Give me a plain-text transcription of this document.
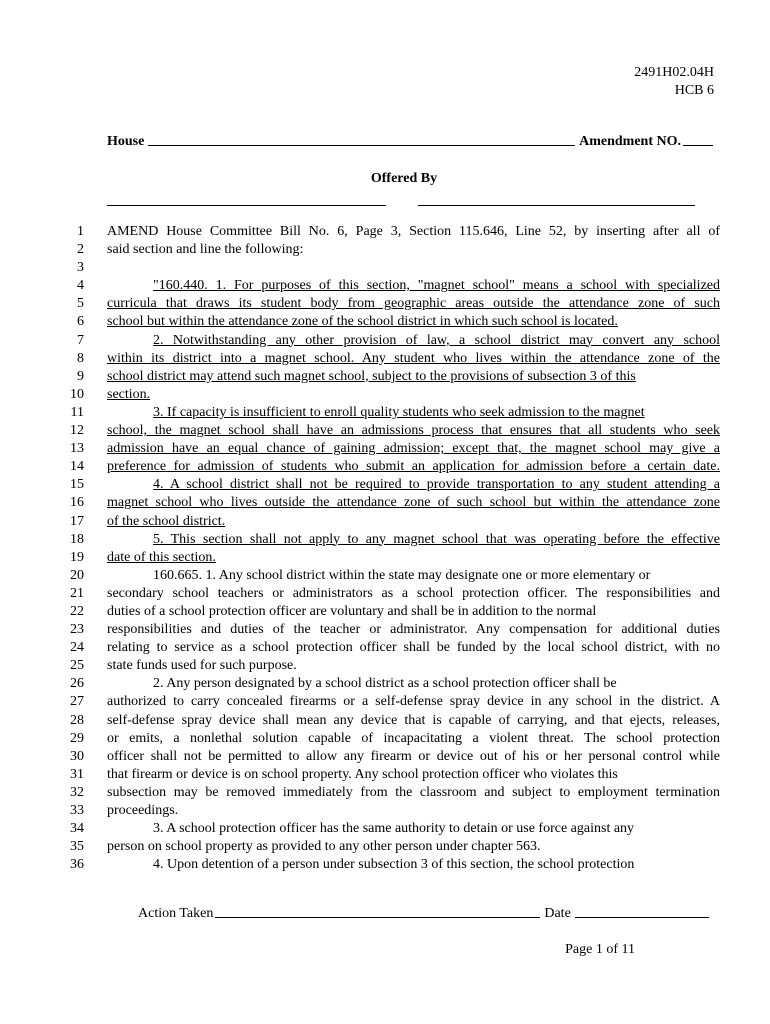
2491H02.04H
HCB 6
House	Amendment NO.
Offered By
1 AMEND House Committee Bill No. 6, Page 3, Section 115.646, Line 52, by inserting after all of
2 said section and line the following:
3
4	"160.440. 1. For purposes of this section, "magnet school" means a school with specialized
5 curricula that draws its student body from geographic areas outside the attendance zone of such
6 school but within the attendance zone of the school district in which such school is located.
7	2. Notwithstanding any other provision of law, a school district may convert any school
8 within its district into a magnet school. Any student who lives within the attendance zone of the
9 school district may attend such magnet school, subject to the provisions of subsection 3 of this
10 section.
11	3. If capacity is insufficient to enroll quality students who seek admission to the magnet
12 school, the magnet school shall have an admissions process that ensures that all students who seek
13 admission have an equal chance of gaining admission; except that, the magnet school may give a
14 preference for admission of students who submit an application for admission before a certain date.
15	4. A school district shall not be required to provide transportation to any student attending a
16 magnet school who lives outside the attendance zone of such school but within the attendance zone
17 of the school district.
18	5. This section shall not apply to any magnet school that was operating before the effective
19 date of this section.
20	160.665. 1. Any school district within the state may designate one or more elementary or
21 secondary school teachers or administrators as a school protection officer. The responsibilities and
22 duties of a school protection officer are voluntary and shall be in addition to the normal
23 responsibilities and duties of the teacher or administrator. Any compensation for additional duties
24 relating to service as a school protection officer shall be funded by the local school district, with no
25 state funds used for such purpose.
26	2. Any person designated by a school district as a school protection officer shall be
27 authorized to carry concealed firearms or a self-defense spray device in any school in the district. A
28 self-defense spray device shall mean any device that is capable of carrying, and that ejects, releases,
29 or emits, a nonlethal solution capable of incapacitating a violent threat. The school protection
30 officer shall not be permitted to allow any firearm or device out of his or her personal control while
31 that firearm or device is on school property. Any school protection officer who violates this
32 subsection may be removed immediately from the classroom and subject to employment termination
33 proceedings.
34	3. A school protection officer has the same authority to detain or use force against any
35 person on school property as provided to any other person under chapter 563.
36	4. Upon detention of a person under subsection 3 of this section, the school protection
Action Taken	Date
Page 1 of 11
